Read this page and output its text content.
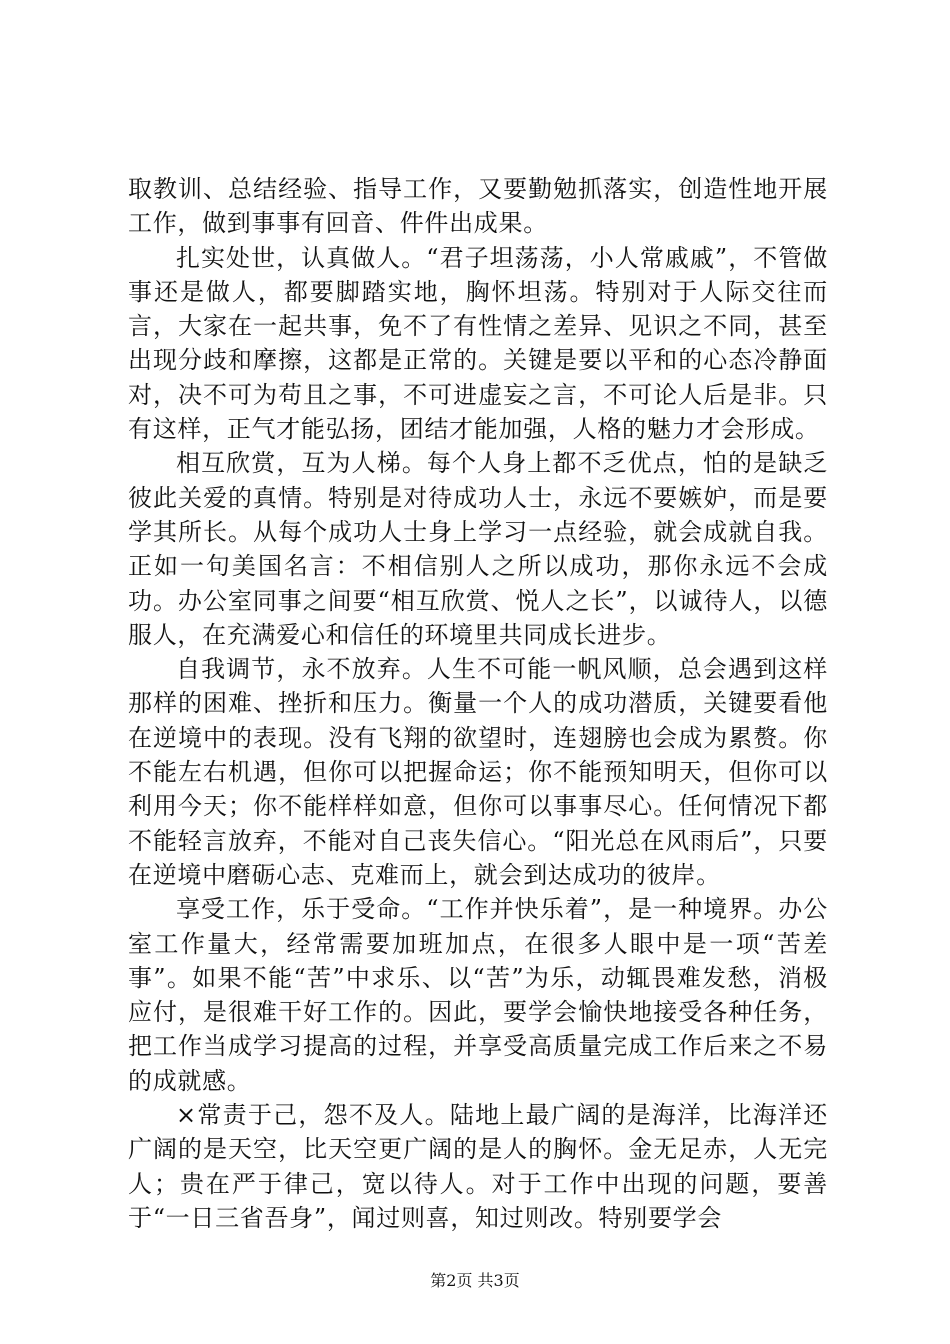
取教训、总结经验、指导工作，又要勤勉抓落实，创造性地开展工作，做到事事有回音、件件出成果。

扎实处世，认真做人。“君子坦荡荡，小人常戚戚”，不管做事还是做人，都要脚踏实地，胸怀坦荡。特别对于人际交往而言，大家在一起共事，免不了有性情之差异、见识之不同，甚至出现分歧和摩擦，这都是正常的。关键是要以平和的心态冷静面对，决不可为苟且之事，不可进虚妄之言，不可论人后是非。只有这样，正气才能弘扬，团结才能加强，人格的魅力才会形成。

相互欣赏，互为人梯。每个人身上都不乏优点，怕的是缺乏彼此关爱的真情。特别是对待成功人士，永远不要嫉妒，而是要学其所长。从每个成功人士身上学习一点经验，就会成就自我。正如一句美国名言：不相信别人之所以成功，那你永远不会成功。办公室同事之间要“相互欣赏、悦人之长”，以诚待人，以德服人，在充满爱心和信任的环境里共同成长进步。

自我调节，永不放弃。人生不可能一帆风顺，总会遇到这样那样的困难、挫折和压力。衡量一个人的成功潜质，关键要看他在逆境中的表现。没有飞翔的欲望时，连翅膀也会成为累赘。你不能左右机遇，但你可以把握命运；你不能预知明天，但你可以利用今天；你不能样样如意，但你可以事事尽心。任何情况下都不能轻言放弃，不能对自己丧失信心。“阳光总在风雨后”，只要在逆境中磨砺心志、克难而上，就会到达成功的彼岸。

享受工作，乐于受命。“工作并快乐着”，是一种境界。办公室工作量大，经常需要加班加点，在很多人眼中是一项“苦差事”。如果不能“苦”中求乐、以“苦”为乐，动辄畏难发愁，消极应付，是很难干好工作的。因此，要学会愉快地接受各种任务，把工作当成学习提高的过程，并享受高质量完成工作后来之不易的成就感。

×常责于己，怨不及人。陆地上最广阔的是海洋，比海洋还广阔的是天空，比天空更广阔的是人的胸怀。金无足赤，人无完人；贵在严于律己，宽以待人。对于工作中出现的问题，要善于“一日三省吾身”，闻过则喜，知过则改。特别要学会

第2页 共3页
